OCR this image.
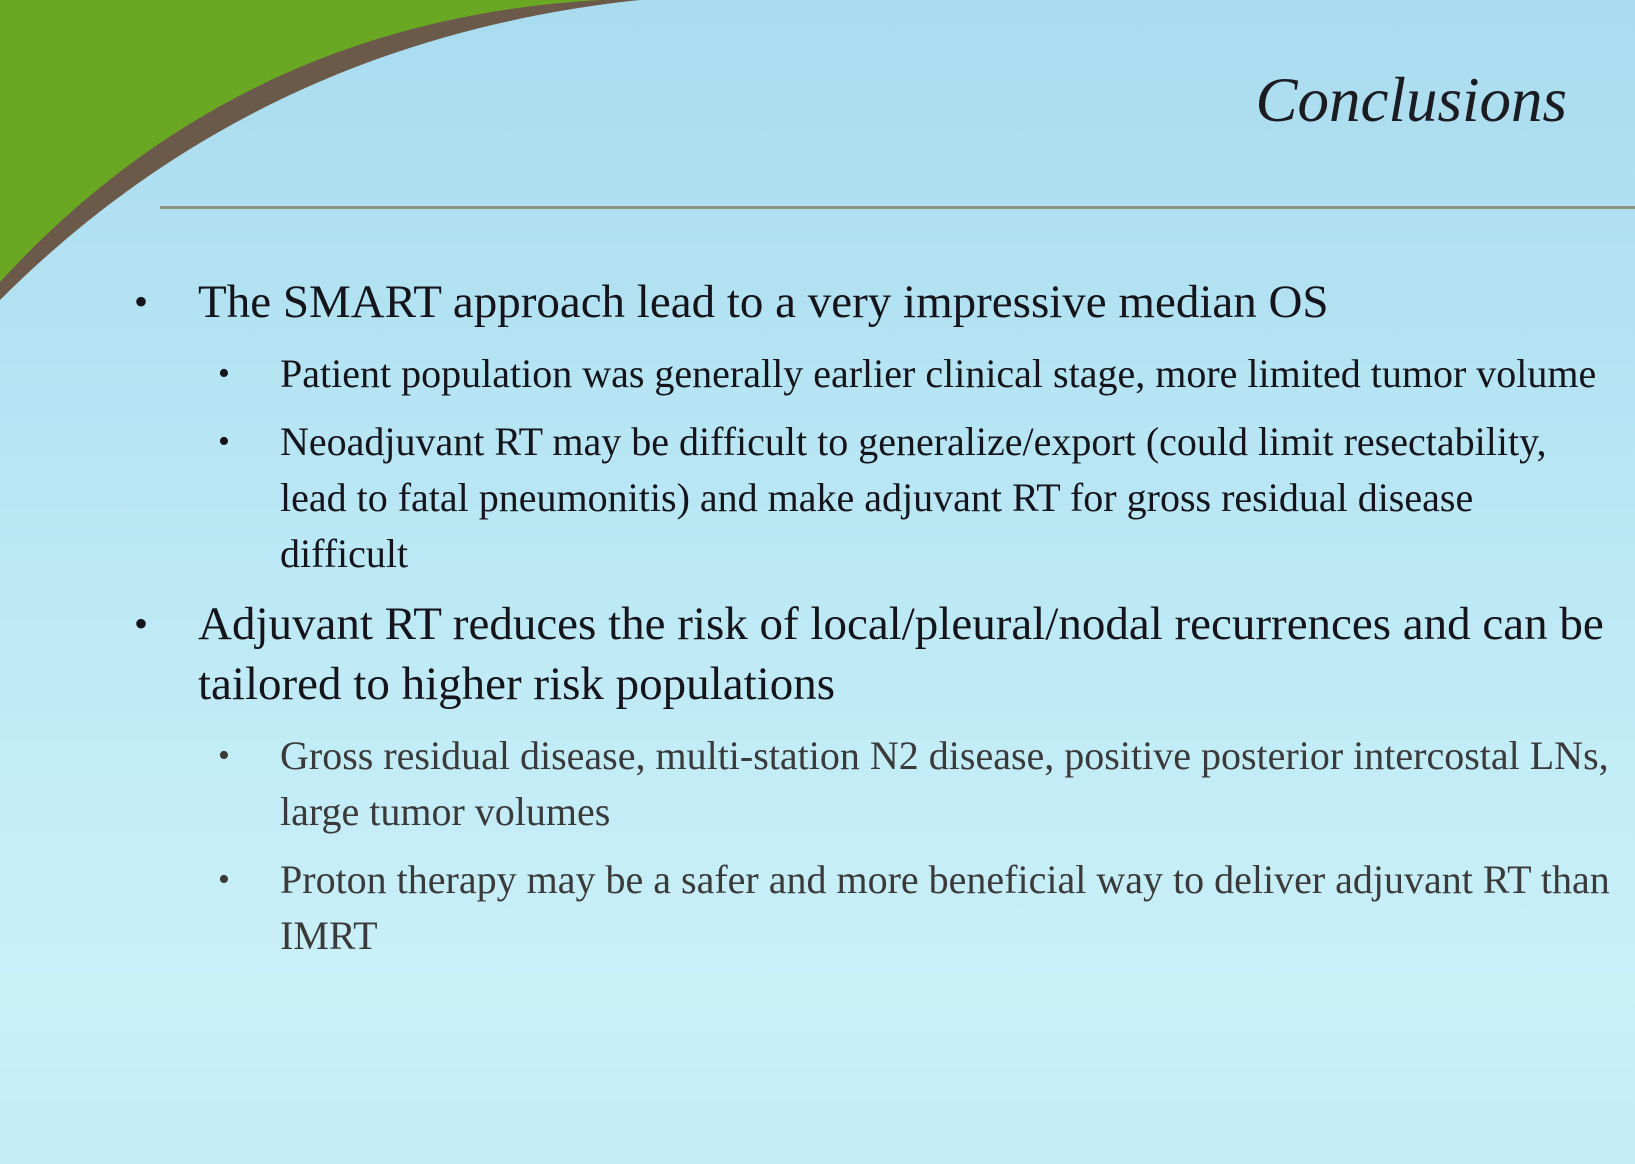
Conclusions

• The SMART approach lead to a very impressive median OS

• Patient population was generally earlier clinical stage, more limited tumor volume

• Neoadjuvant RT may be difficult to generalize/export (could limit resectability, lead to fatal pneumonitis) and make adjuvant RT for gross residual disease difficult

• Adjuvant RT reduces the risk of local/pleural/nodal recurrences and can be tailored to higher risk populations

• Gross residual disease, multi-station N2 disease, positive posterior intercostal LNs, large tumor volumes

• Proton therapy may be a safer and more beneficial way to deliver adjuvant RT than IMRT
